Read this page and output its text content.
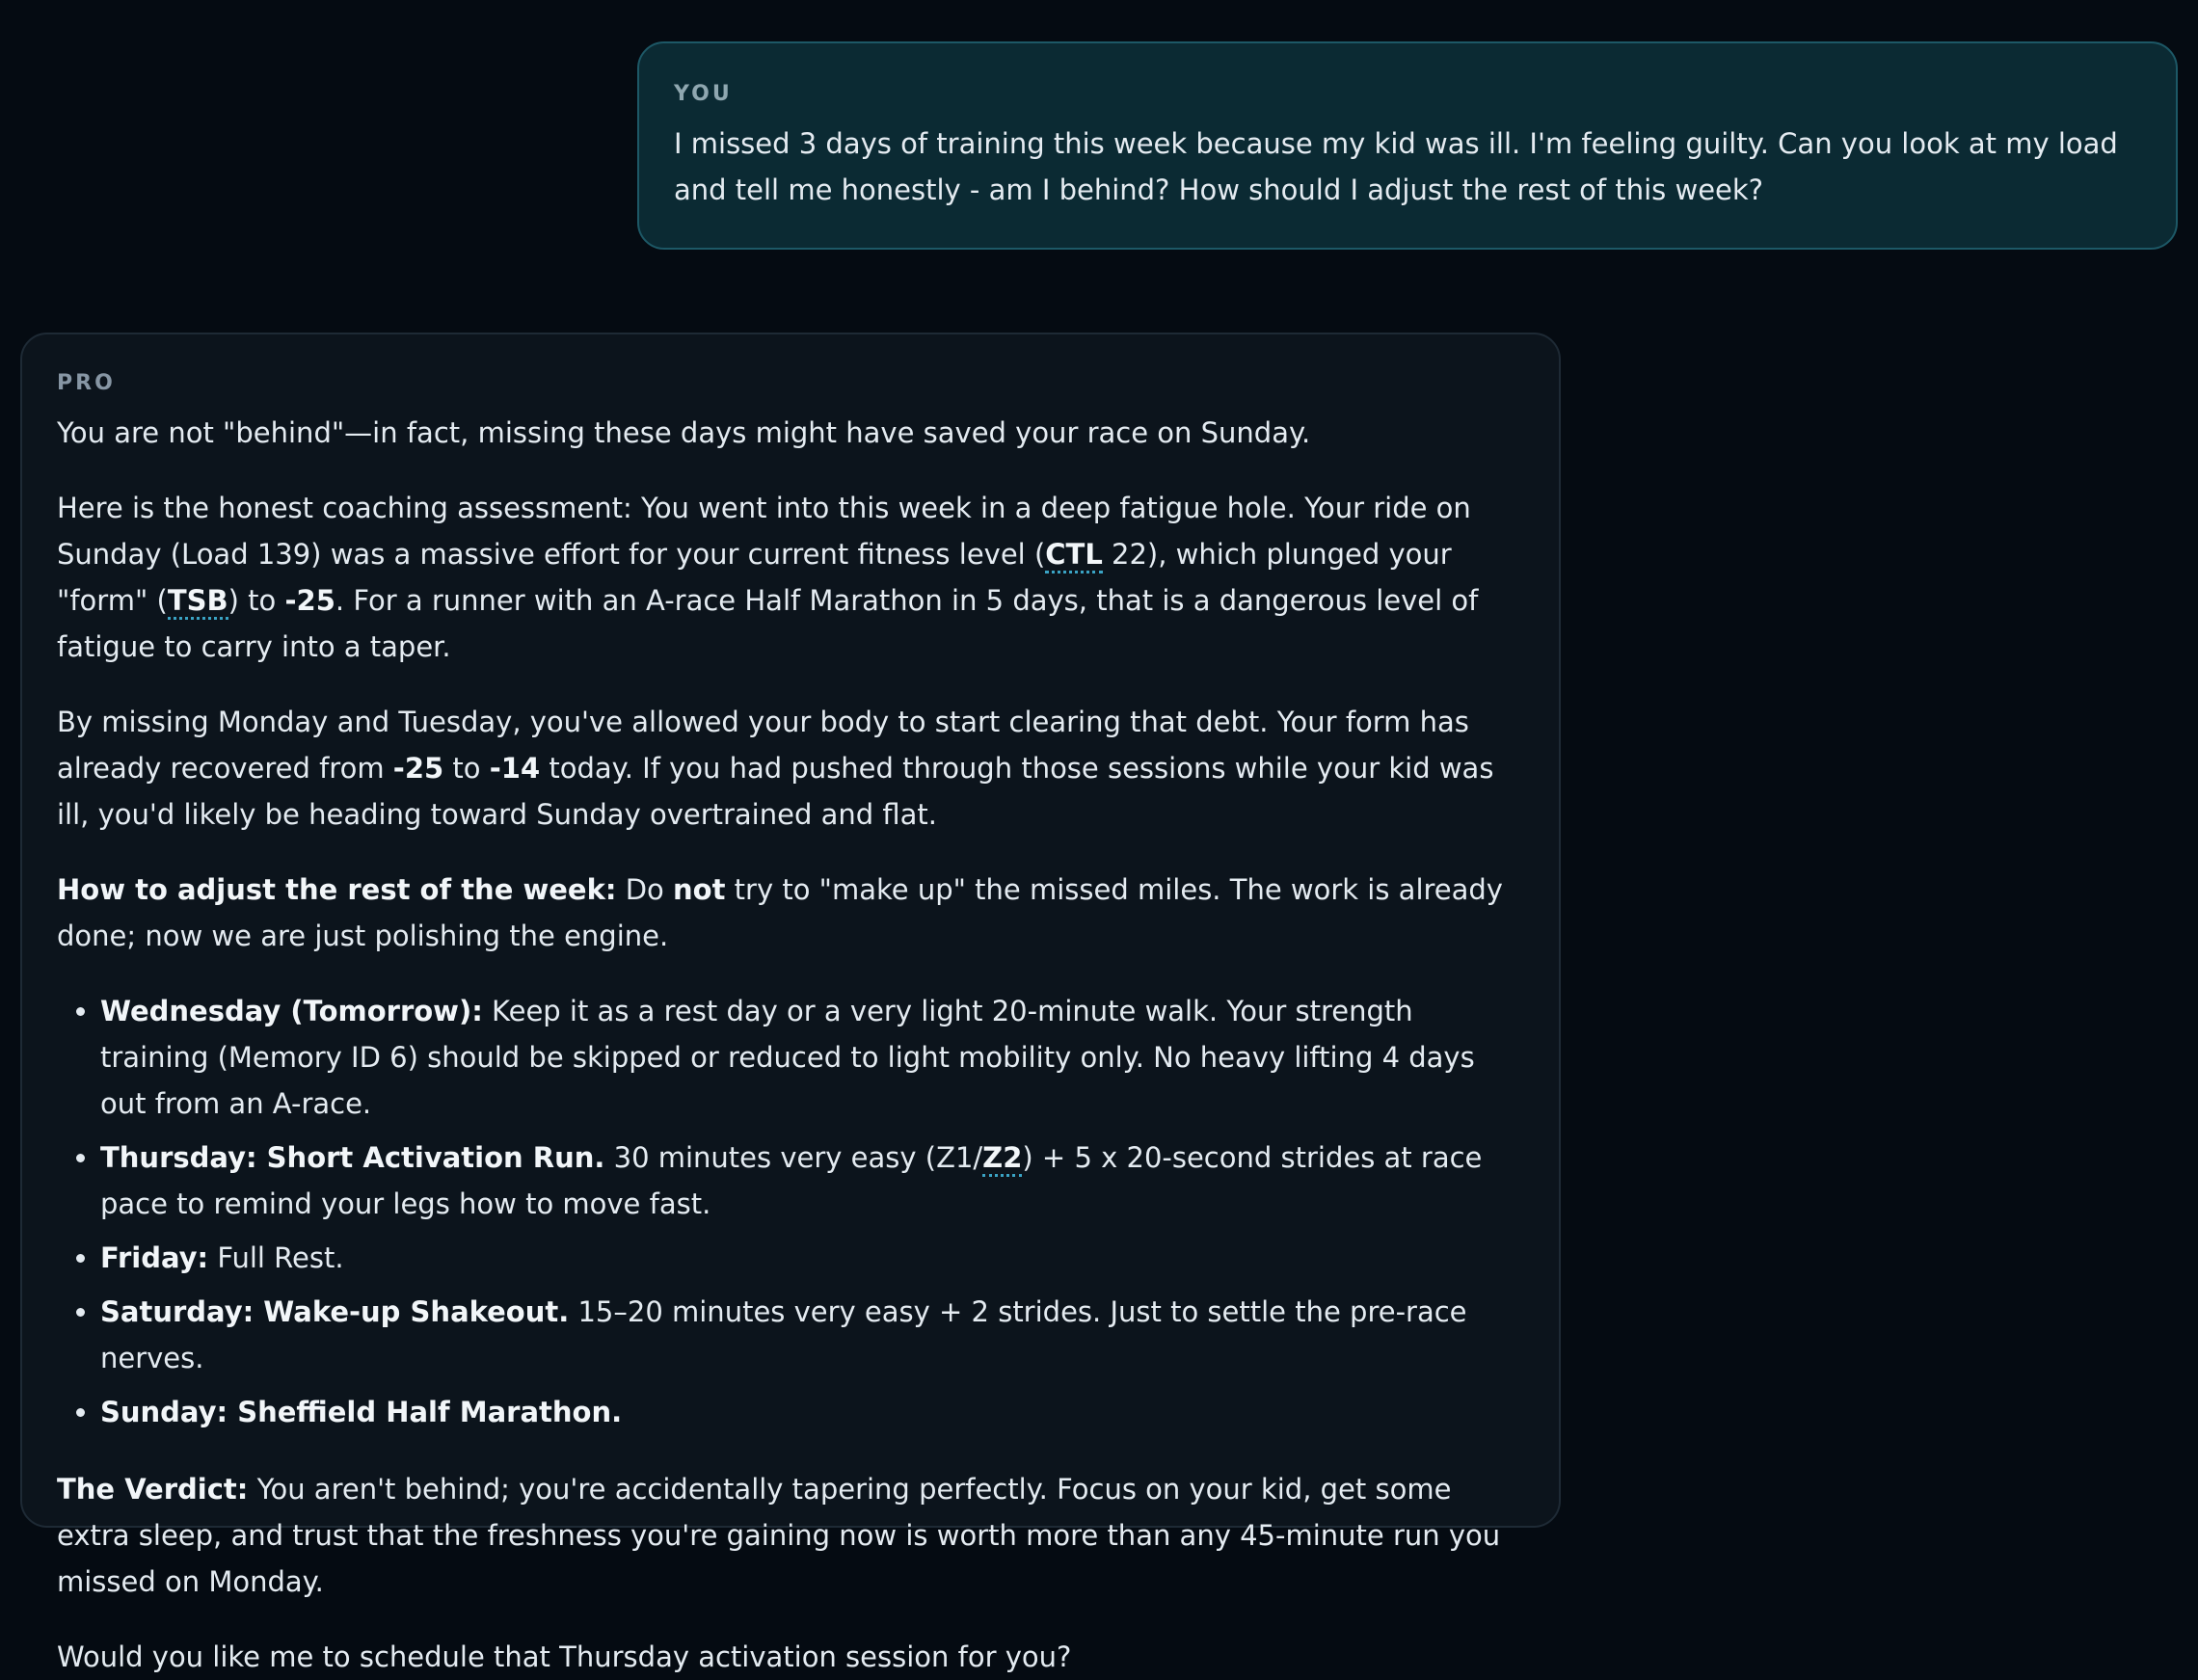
YOU

I missed 3 days of training this week because my kid was ill. I'm feeling guilty. Can you look at my load and tell me honestly - am I behind? How should I adjust the rest of this week?

PRO

You are not "behind"—in fact, missing these days might have saved your race on Sunday.

Here is the honest coaching assessment: You went into this week in a deep fatigue hole. Your ride on Sunday (Load 139) was a massive effort for your current fitness level (CTL 22), which plunged your "form" (TSB) to -25. For a runner with an A-race Half Marathon in 5 days, that is a dangerous level of fatigue to carry into a taper.

By missing Monday and Tuesday, you've allowed your body to start clearing that debt. Your form has already recovered from -25 to -14 today. If you had pushed through those sessions while your kid was ill, you'd likely be heading toward Sunday overtrained and flat.

How to adjust the rest of the week: Do not try to "make up" the missed miles. The work is already done; now we are just polishing the engine.

Wednesday (Tomorrow): Keep it as a rest day or a very light 20-minute walk. Your strength training (Memory ID 6) should be skipped or reduced to light mobility only. No heavy lifting 4 days out from an A-race.
Thursday: Short Activation Run. 30 minutes very easy (Z1/Z2) + 5 x 20-second strides at race pace to remind your legs how to move fast.
Friday: Full Rest.
Saturday: Wake-up Shakeout. 15–20 minutes very easy + 2 strides. Just to settle the pre-race nerves.
Sunday: Sheffield Half Marathon.

The Verdict: You aren't behind; you're accidentally tapering perfectly. Focus on your kid, get some extra sleep, and trust that the freshness you're gaining now is worth more than any 45-minute run you missed on Monday.

Would you like me to schedule that Thursday activation session for you?
